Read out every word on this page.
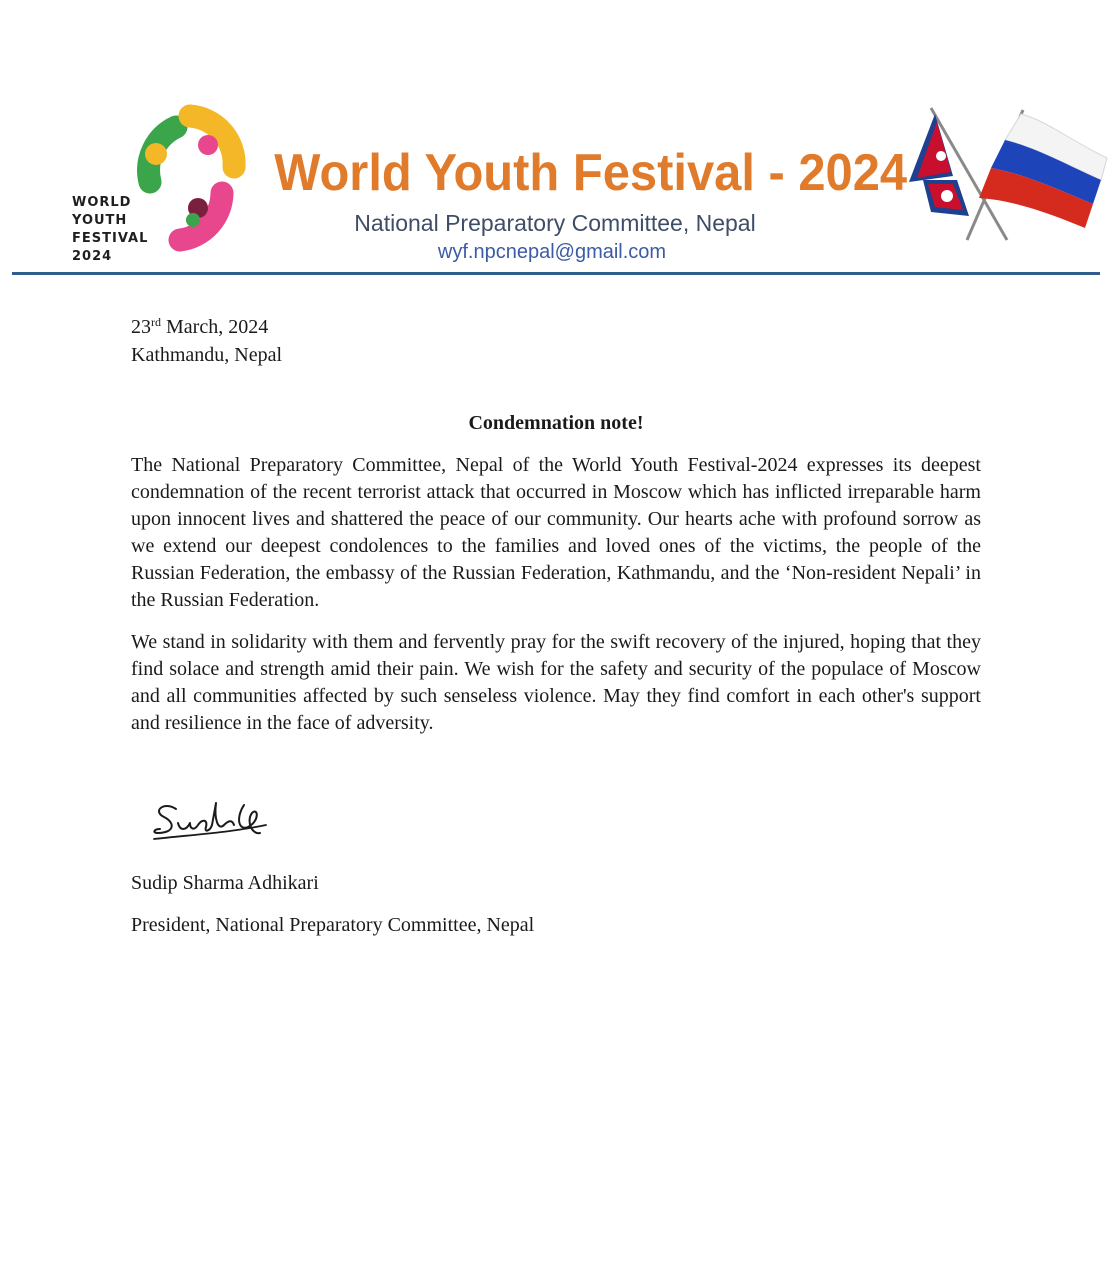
WORLD
YOUTH
FESTIVAL
2024
World Youth Festival - 2024
National Preparatory Committee, Nepal
wyf.npcnepal@gmail.com
23rd March, 2024
Kathmandu, Nepal
Condemnation note!

The National Preparatory Committee, Nepal of the World Youth Festival-2024 expresses its deepest condemnation of the recent terrorist attack that occurred in Moscow which has inflicted irreparable harm upon innocent lives and shattered the peace of our community. Our hearts ache with profound sorrow as we extend our deepest condolences to the families and loved ones of the victims, the people of the Russian Federation, the embassy of the Russian Federation, Kathmandu, and the ‘Non-resident Nepali’ in the Russian Federation.

We stand in solidarity with them and fervently pray for the swift recovery of the injured, hoping that they find solace and strength amid their pain. We wish for the safety and security of the populace of Moscow and all communities affected by such senseless violence. May they find comfort in each other's support and resilience in the face of adversity.

Sudip Sharma Adhikari
President, National Preparatory Committee, Nepal
